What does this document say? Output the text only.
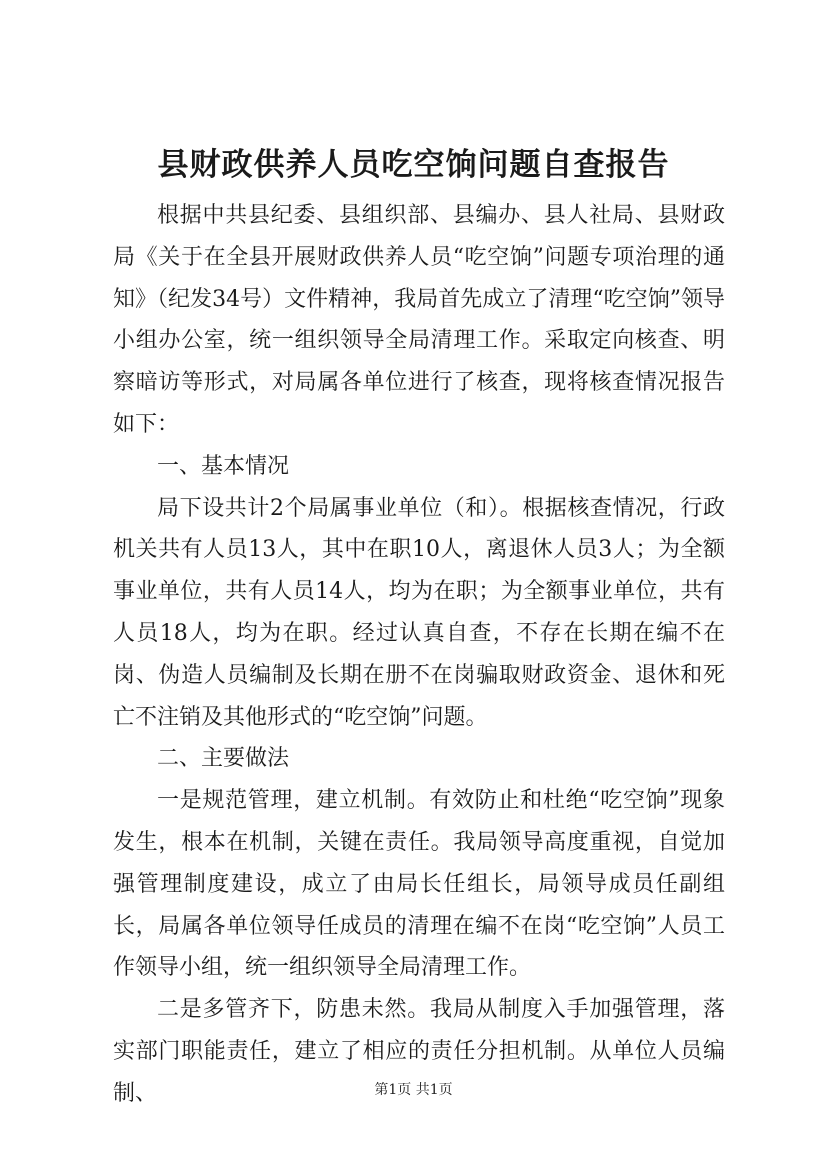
县财政供养人员吃空饷问题自查报告

根据中共县纪委、县组织部、县编办、县人社局、县财政局《关于在全县开展财政供养人员“吃空饷”问题专项治理的通知》（纪发34号）文件精神，我局首先成立了清理“吃空饷”领导小组办公室，统一组织领导全局清理工作。采取定向核查、明察暗访等形式，对局属各单位进行了核查，现将核查情况报告如下：

一、基本情况

局下设共计2个局属事业单位（和）。根据核查情况，行政机关共有人员13人，其中在职10人，离退休人员3人；为全额事业单位，共有人员14人，均为在职；为全额事业单位，共有人员18人，均为在职。经过认真自查，不存在长期在编不在岗、伪造人员编制及长期在册不在岗骗取财政资金、退休和死亡不注销及其他形式的“吃空饷”问题。

二、主要做法

一是规范管理，建立机制。有效防止和杜绝“吃空饷”现象发生，根本在机制，关键在责任。我局领导高度重视，自觉加强管理制度建设，成立了由局长任组长，局领导成员任副组长，局属各单位领导任成员的清理在编不在岗“吃空饷”人员工作领导小组，统一组织领导全局清理工作。

二是多管齐下，防患未然。我局从制度入手加强管理，落实部门职能责任，建立了相应的责任分担机制。从单位人员编制、	第1页 共1页
